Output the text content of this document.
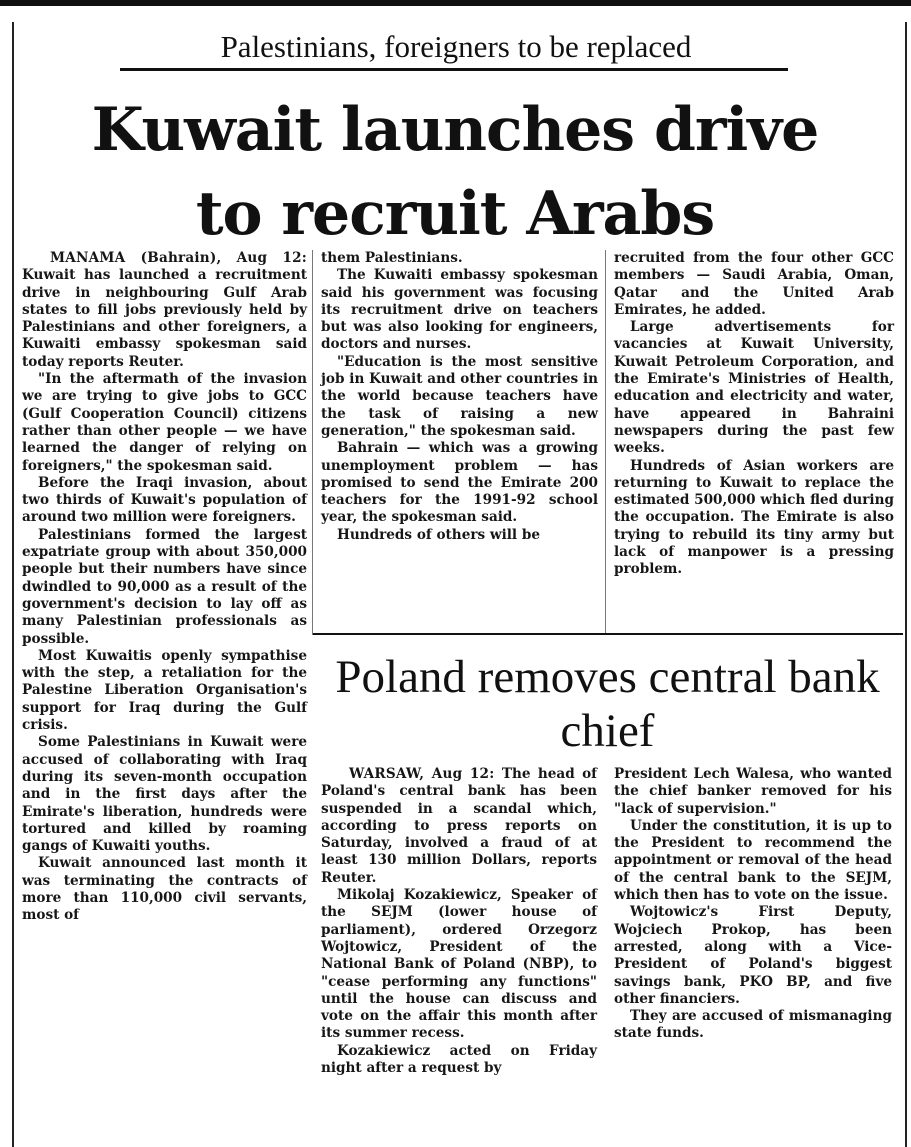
Palestinians, foreigners to be replaced
Kuwait launches drive
to recruit Arabs

MANAMA (Bahrain), Aug 12: Kuwait has launched a recruitment drive in neighbouring Gulf Arab states to fill jobs previously held by Palestinians and other foreigners, a Kuwaiti embassy spokesman said today reports Reuter.

"In the aftermath of the invasion we are trying to give jobs to GCC (Gulf Cooperation Council) citizens rather than other people — we have learned the danger of relying on foreigners," the spokesman said.

Before the Iraqi invasion, about two thirds of Kuwait's population of around two million were foreigners.

Palestinians formed the largest expatriate group with about 350,000 people but their numbers have since dwindled to 90,000 as a result of the government's decision to lay off as many Palestinian professionals as possible.

Most Kuwaitis openly sympathise with the step, a retaliation for the Palestine Liberation Organisation's support for Iraq during the Gulf crisis.

Some Palestinians in Kuwait were accused of collaborating with Iraq during its seven-month occupation and in the first days after the Emirate's liberation, hundreds were tortured and killed by roaming gangs of Kuwaiti youths.

Kuwait announced last month it was terminating the contracts of more than 110,000 civil servants, most of

them Palestinians.

The Kuwaiti embassy spokesman said his government was focusing its recruitment drive on teachers but was also looking for engineers, doctors and nurses.

"Education is the most sensitive job in Kuwait and other countries in the world because teachers have the task of raising a new generation," the spokesman said.

Bahrain — which was a growing unemployment problem — has promised to send the Emirate 200 teachers for the 1991-92 school year, the spokesman said.

Hundreds of others will be

recruited from the four other GCC members — Saudi Arabia, Oman, Qatar and the United Arab Emirates, he added.

Large advertisements for vacancies at Kuwait University, Kuwait Petroleum Corporation, and the Emirate's Ministries of Health, education and electricity and water, have appeared in Bahraini newspapers during the past few weeks.

Hundreds of Asian workers are returning to Kuwait to replace the estimated 500,000 which fled during the occupation. The Emirate is also trying to rebuild its tiny army but lack of manpower is a pressing problem.

Poland removes central bank chief

WARSAW, Aug 12: The head of Poland's central bank has been suspended in a scandal which, according to press reports on Saturday, involved a fraud of at least 130 million Dollars, reports Reuter.

Mikolaj Kozakiewicz, Speaker of the SEJM (lower house of parliament), ordered Orzegorz Wojtowicz, President of the National Bank of Poland (NBP), to "cease performing any functions" until the house can discuss and vote on the affair this month after its summer recess.

Kozakiewicz acted on Friday night after a request by

President Lech Walesa, who wanted the chief banker removed for his "lack of supervision."

Under the constitution, it is up to the President to recommend the appointment or removal of the head of the central bank to the SEJM, which then has to vote on the issue.

Wojtowicz's First Deputy, Wojciech Prokop, has been arrested, along with a Vice-President of Poland's biggest savings bank, PKO BP, and five other financiers.

They are accused of mismanaging state funds.
